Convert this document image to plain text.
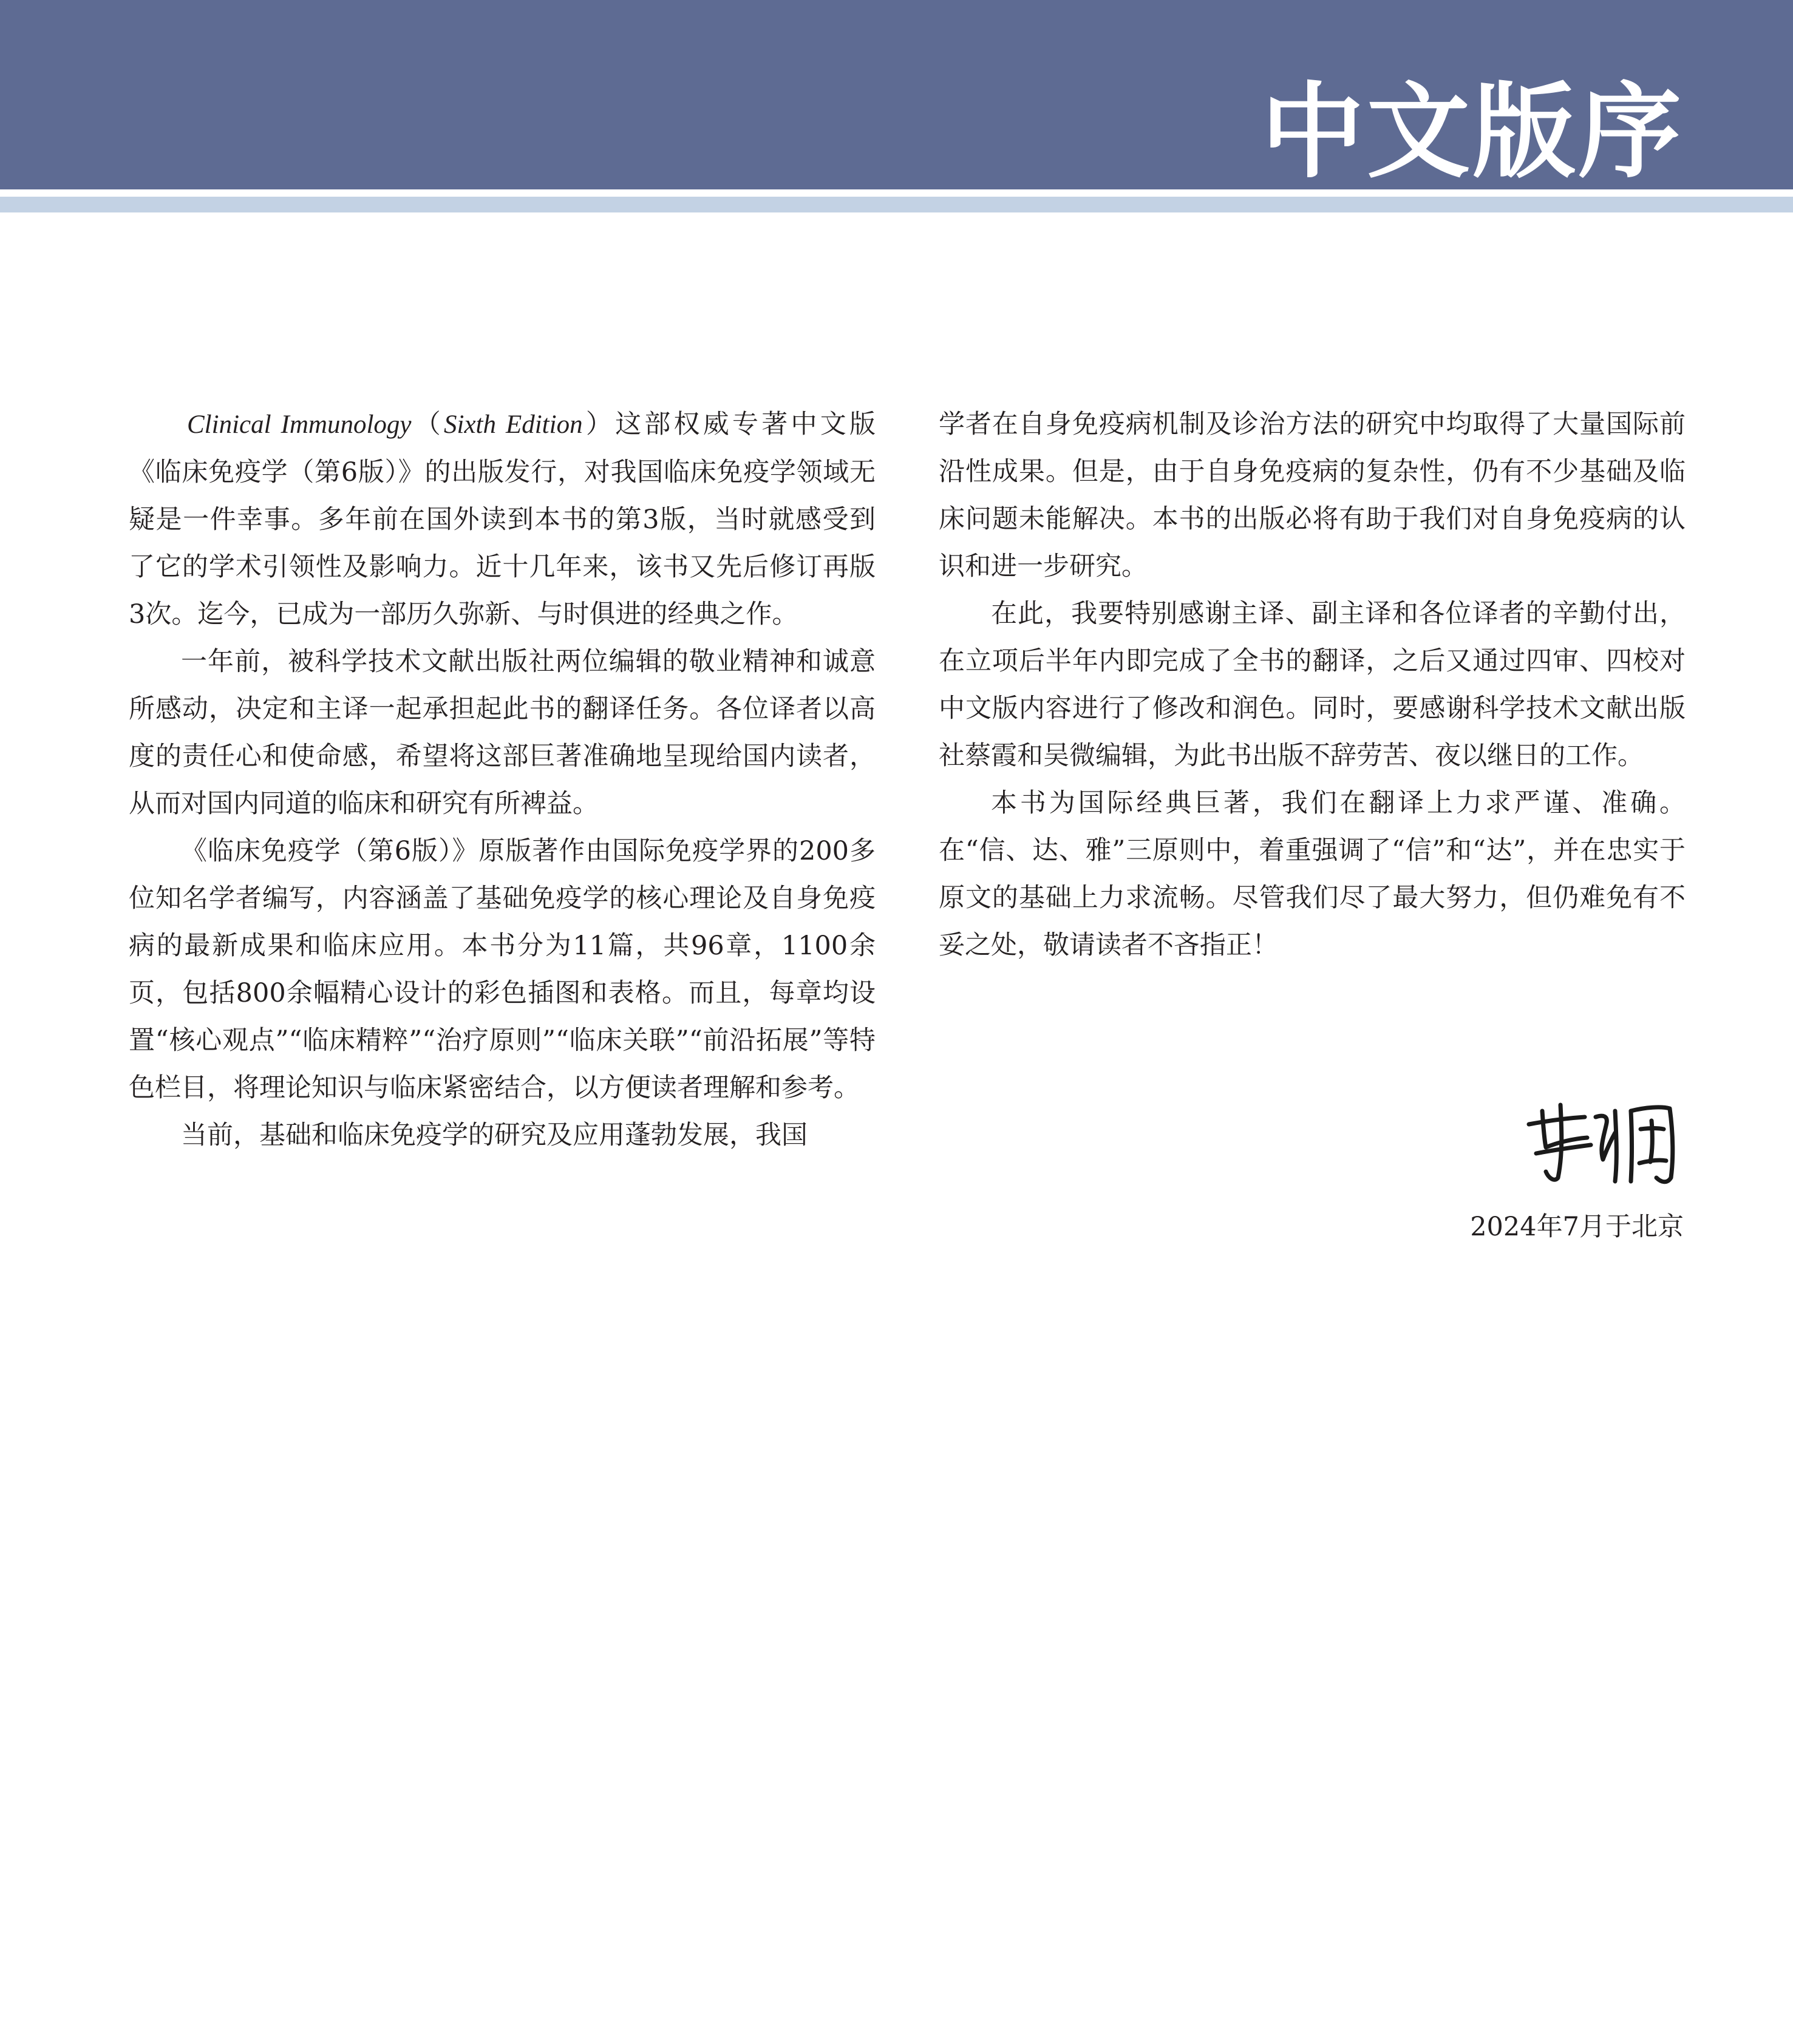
中文版序

Clinical Immunology（Sixth Edition）这部权威专著中文版《临床免疫学（第6版）》的出版发行，对我国临床免疫学领域无疑是一件幸事。多年前在国外读到本书的第3版，当时就感受到了它的学术引领性及影响力。近十几年来，该书又先后修订再版3次。迄今，已成为一部历久弥新、与时俱进的经典之作。

一年前，被科学技术文献出版社两位编辑的敬业精神和诚意所感动，决定和主译一起承担起此书的翻译任务。各位译者以高度的责任心和使命感，希望将这部巨著准确地呈现给国内读者，从而对国内同道的临床和研究有所裨益。

《临床免疫学（第6版）》原版著作由国际免疫学界的200多位知名学者编写，内容涵盖了基础免疫学的核心理论及自身免疫病的最新成果和临床应用。本书分为11篇，共96章，1100余页，包括800余幅精心设计的彩色插图和表格。而且，每章均设置“核心观点”“临床精粹”“治疗原则”“临床关联”“前沿拓展”等特色栏目，将理论知识与临床紧密结合，以方便读者理解和参考。

当前，基础和临床免疫学的研究及应用蓬勃发展，我国

学者在自身免疫病机制及诊治方法的研究中均取得了大量国际前沿性成果。但是，由于自身免疫病的复杂性，仍有不少基础及临床问题未能解决。本书的出版必将有助于我们对自身免疫病的认识和进一步研究。

在此，我要特别感谢主译、副主译和各位译者的辛勤付出，在立项后半年内即完成了全书的翻译，之后又通过四审、四校对中文版内容进行了修改和润色。同时，要感谢科学技术文献出版社蔡霞和吴微编辑，为此书出版不辞劳苦、夜以继日的工作。

本书为国际经典巨著，我们在翻译上力求严谨、准确。在“信、达、雅”三原则中，着重强调了“信”和“达”，并在忠实于原文的基础上力求流畅。尽管我们尽了最大努力，但仍难免有不妥之处，敬请读者不吝指正！

2024年7月于北京
